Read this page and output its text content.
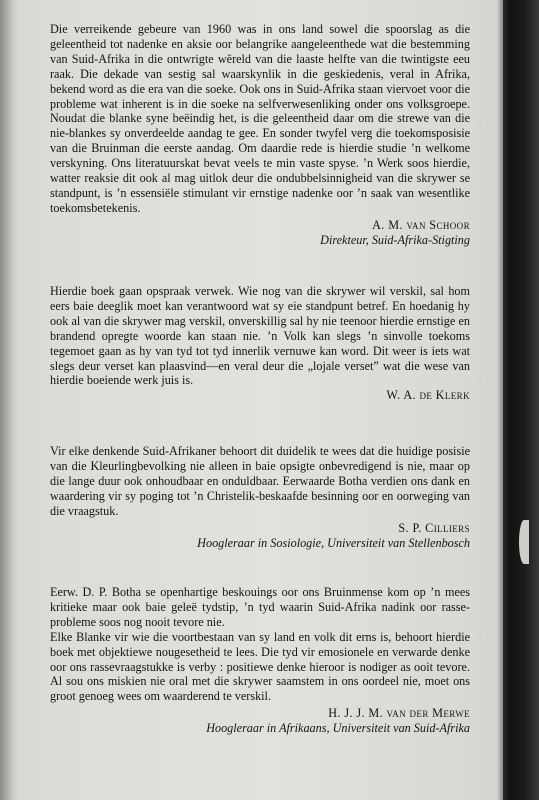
Die verreikende gebeure van 1960 was in ons land sowel die spoorslag as die geleentheid tot nadenke en aksie oor belangrike aangeleenthede wat die bestemming van Suid-Afrika in die ontwrigte wêreld van die laaste helfte van die twintigste eeu raak. Die dekade van sestig sal waarskynlik in die geskiedenis, veral in Afrika, bekend word as die era van die soeke. Ook ons in Suid-Afrika staan viervoet voor die probleme wat inherent is in die soeke na selfverwesenliking onder ons volksgroepe. Noudat die blanke syne beëindig het, is die geleentheid daar om die strewe van die nie-blankes sy onverdeelde aandag te gee. En sonder twyfel verg die toekomsposisie van die Bruinman die eerste aandag. Om daardie rede is hierdie studie ’n welkome verskyning. Ons literatuurskat bevat veels te min vaste spyse. ’n Werk soos hierdie, watter reaksie dit ook al mag uitlok deur die ondubbelsinnigheid van die skrywer se standpunt, is ’n essensiële stimulant vir ernstige nadenke oor ’n saak van wesentlike toekomsbetekenis.

A. M. van Schoor
Direkteur, Suid-Afrika-Stigting

Hierdie boek gaan opspraak verwek. Wie nog van die skrywer wil verskil, sal hom eers baie deeglik moet kan verantwoord wat sy eie standpunt betref. En hoedanig hy ook al van die skrywer mag verskil, onverskillig sal hy nie teenoor hierdie ernstige en brandend opregte woorde kan staan nie. ’n Volk kan slegs ’n sinvolle toekoms tegemoet gaan as hy van tyd tot tyd innerlik vernuwe kan word. Dit weer is iets wat slegs deur verset kan plaasvind—en veral deur die „lojale verset” wat die wese van hierdie boeiende werk juis is.

W. A. de Klerk

Vir elke denkende Suid-Afrikaner behoort dit duidelik te wees dat die huidige posisie van die Kleurlingbevolking nie alleen in baie opsigte onbevredigend is nie, maar op die lange duur ook onhoudbaar en onduldbaar. Eerwaarde Botha verdien ons dank en waardering vir sy poging tot ’n Christelik-beskaafde besinning oor en oorweging van die vraagstuk.

S. P. Cilliers
Hoogleraar in Sosiologie, Universiteit van Stellenbosch

Eerw. D. P. Botha se openhartige beskouings oor ons Bruinmense kom op ’n mees kritieke maar ook baie geleë tydstip, ’n tyd waarin Suid-Afrika nadink oor rasse-probleme soos nog nooit tevore nie.

Elke Blanke vir wie die voortbestaan van sy land en volk dit erns is, behoort hierdie boek met objektiewe nougesetheid te lees. Die tyd vir emosionele en verwarde denke oor ons rassevraagstukke is verby : positiewe denke hieroor is nodiger as ooit tevore. Al sou ons miskien nie oral met die skrywer saamstem in ons oordeel nie, moet ons groot genoeg wees om waarderend te verskil.

H. J. J. M. van der Merwe
Hoogleraar in Afrikaans, Universiteit van Suid-Afrika
